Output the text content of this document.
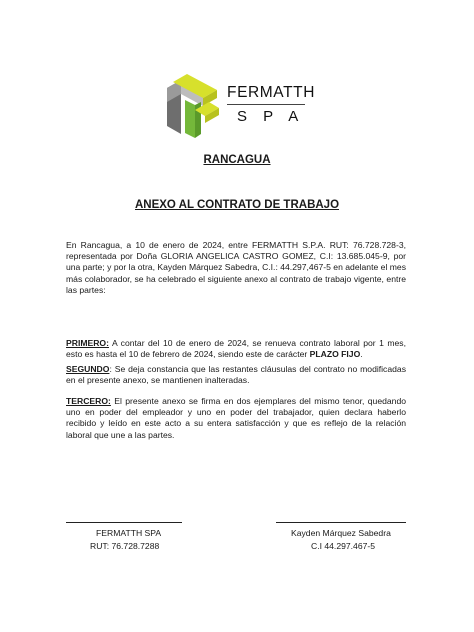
FERMATTH
S P A
RANCAGUA
ANEXO AL CONTRATO DE TRABAJO

En Rancagua, a 10 de enero de 2024, entre FERMATTH S.P.A. RUT: 76.728.728-3, representada por Doña GLORIA ANGELICA CASTRO GOMEZ, C.I: 13.685.045-9, por una parte; y por la otra, Kayden Márquez Sabedra, C.I.: 44.297,467-5 en adelante el mes más colaborador, se ha celebrado el siguiente anexo al contrato de trabajo vigente, entre las partes:

PRIMERO: A contar del 10 de enero de 2024, se renueva contrato laboral por 1 mes, esto es hasta el 10 de febrero de 2024, siendo este de carácter PLAZO FIJO.

SEGUNDO: Se deja constancia que las restantes cláusulas del contrato no modificadas en el presente anexo, se mantienen inalteradas.

TERCERO: El presente anexo se firma en dos ejemplares del mismo tenor, quedando uno en poder del empleador y uno en poder del trabajador, quien declara haberlo recibido y leído en este acto a su entera satisfacción y que es reflejo de la relación laboral que une a las partes.

FERMATTH SPA
RUT: 76.728.7288
Kayden Márquez Sabedra
C.I 44.297.467-5
